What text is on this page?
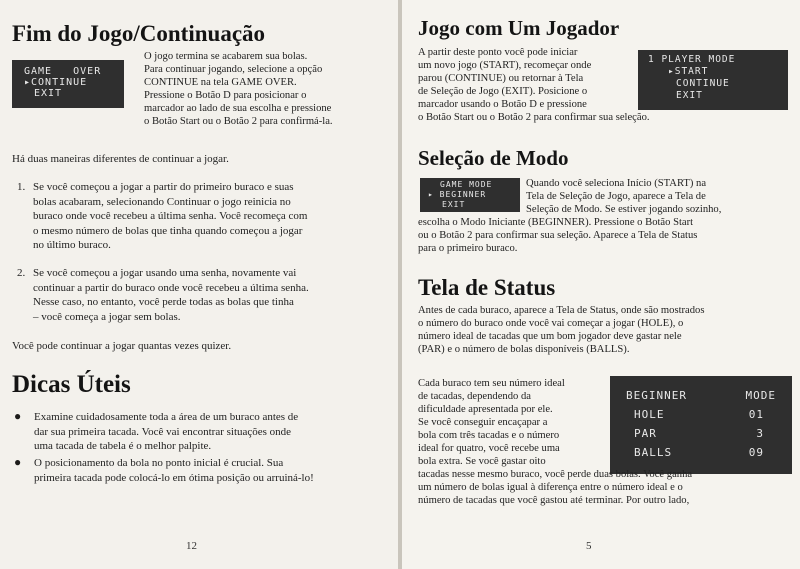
Fim do Jogo/Continuação
GAME   OVER
▸CONTINUE
EXIT
O jogo termina se acabarem sua bolas.
Para continuar jogando, selecione a opção
CONTINUE na tela GAME OVER.
Pressione o Botão D para posicionar o
marcador ao lado de sua escolha e pressione
o Botão Start ou o Botão 2 para confirmá-la.

Há duas maneiras diferentes de continuar a jogar.

1. Se você começou a jogar a partir do primeiro buraco e suas
bolas acabaram, selecionando Continuar o jogo reinicia no
buraco onde você recebeu a última senha. Você recomeça com
o mesmo número de bolas que tinha quando começou a jogar
no último buraco.
2. Se você começou a jogar usando uma senha, novamente vai
continuar a partir do buraco onde você recebeu a última senha.
Nesse caso, no entanto, você perde todas as bolas que tinha
– você começa a jogar sem bolas.

Você pode continuar a jogar quantas vezes quizer.

Dicas Úteis
● Examine cuidadosamente toda a área de um buraco antes de
dar sua primeira tacada. Você vai encontrar situações onde
uma tacada de tabela é o melhor palpite.
● O posicionamento da bola no ponto inicial é crucial. Sua
primeira tacada pode colocá-lo em ótima posição ou arruiná-lo!
12
Jogo com Um Jogador
A partir deste ponto você pode iniciar
um novo jogo (START), recomeçar onde
parou (CONTINUE) ou retornar à Tela
de Seleção de Jogo (EXIT). Posicione o
marcador usando o Botão D e pressione
o Botão Start ou o Botão 2 para confirmar sua seleção.
1 PLAYER MODE
▸START
CONTINUE
EXIT
Seleção de Modo
GAME MODE
▸ BEGINNER
EXIT
Quando você seleciona Início (START) na
Tela de Seleção de Jogo, aparece a Tela de
Seleção de Modo. Se estiver jogando sozinho,
escolha o Modo Iniciante (BEGINNER). Pressione o Botão Start
ou o Botão 2 para confirmar sua seleção. Aparece a Tela de Status
para o primeiro buraco.
Tela de Status
Antes de cada buraco, aparece a Tela de Status, onde são mostrados
o número do buraco onde você vai começar a jogar (HOLE), o
número ideal de tacadas que um bom jogador deve gastar nele
(PAR) e o número de bolas disponíveis (BALLS).
BEGINNER	MODE
HOLE	01
PAR	3
BALLS	09
Cada buraco tem seu número ideal
de tacadas, dependendo da
dificuldade apresentada por ele.
Se você conseguir encaçapar a
bola com três tacadas e o número
ideal for quatro, você recebe uma
bola extra. Se você gastar oito
tacadas nesse mesmo buraco, você perde duas bolas. Você ganha
um número de bolas igual à diferença entre o número ideal e o
número de tacadas que você gastou até terminar. Por outro lado,
5
